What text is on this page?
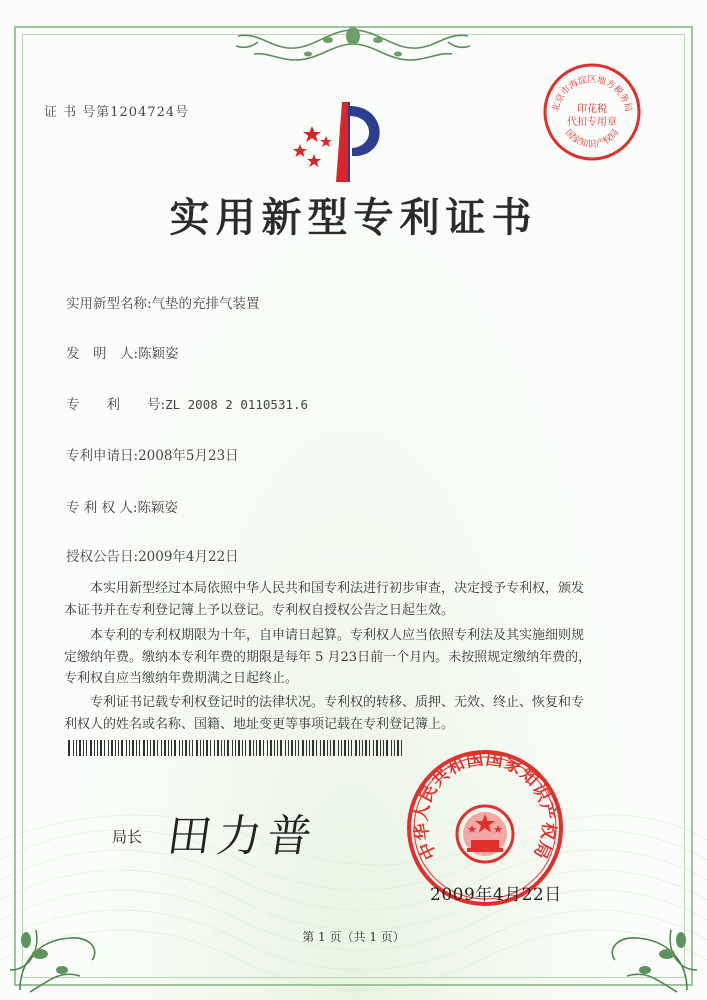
证 书 号第1204724号
实用新型专利证书
实用新型名称:气垫的充排气装置
发　明　人:陈颖姿
专　　利　　号:ZL 2008 2 0110531.6
专利申请日:2008年5月23日
专 利 权 人:陈颖姿
授权公告日:2009年4月22日
　　本实用新型经过本局依照中华人民共和国专利法进行初步审查，决定授予专利权，颁发
本证书并在专利登记簿上予以登记。专利权自授权公告之日起生效。
　　本专利的专利权期限为十年，自申请日起算。专利权人应当依照专利法及其实施细则规
定缴纳年费。缴纳本专利年费的期限是每年 5 月23日前一个月内。未按照规定缴纳年费的，
专利权自应当缴纳年费期满之日起终止。
　　专利证书记载专利权登记时的法律状况。专利权的转移、质押、无效、终止、恢复和专
利权人的姓名或名称、国籍、地址变更等事项记载在专利登记簿上。
局长 田力普
北京市海淀区地方税务局
国家知识产权局
印花税
代扣专用章
中华人民共和国国家知识产权局
2009年4月22日
第 1 页（共 1 页）
